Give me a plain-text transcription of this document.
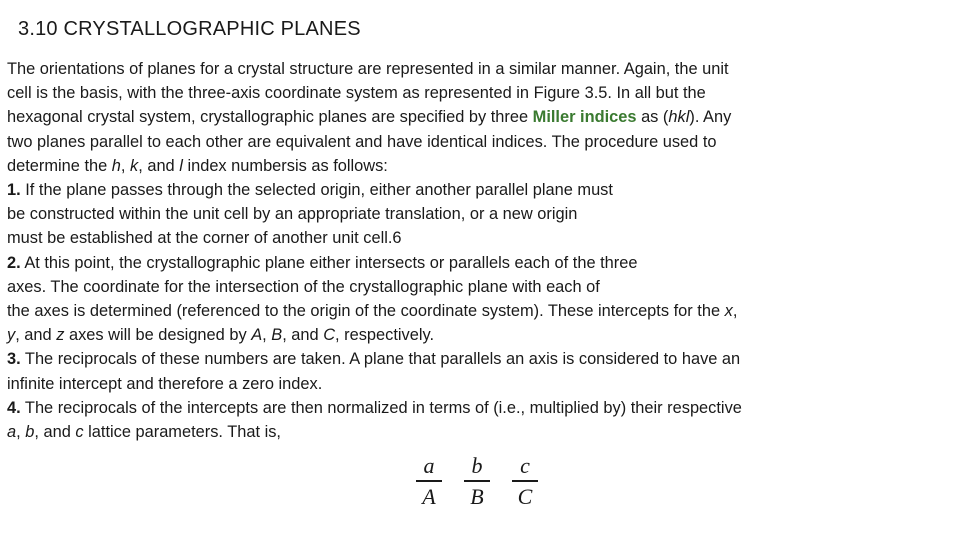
3.10 CRYSTALLOGRAPHIC PLANES
The orientations of planes for a crystal structure are represented in a similar manner. Again, the unit
cell is the basis, with the three-axis coordinate system as represented in Figure 3.5. In all but the
hexagonal crystal system, crystallographic planes are specified by three Miller indices as (hkl). Any
two planes parallel to each other are equivalent and have identical indices. The procedure used to
determine the h, k, and l index numbersis as follows:
1. If the plane passes through the selected origin, either another parallel plane must
be constructed within the unit cell by an appropriate translation, or a new origin
must be established at the corner of another unit cell.6
2. At this point, the crystallographic plane either intersects or parallels each of the three
axes. The coordinate for the intersection of the crystallographic plane with each of
the axes is determined (referenced to the origin of the coordinate system). These intercepts for the x,
y, and z axes will be designed by A, B, and C, respectively.
3. The reciprocals of these numbers are taken. A plane that parallels an axis is considered to have an
infinite intercept and therefore a zero index.
4. The reciprocals of the intercepts are then normalized in terms of (i.e., multiplied by) their respective
a, b, and c lattice parameters. That is,
$\frac{a}{A} \frac{b}{B} \frac{c}{C}$
